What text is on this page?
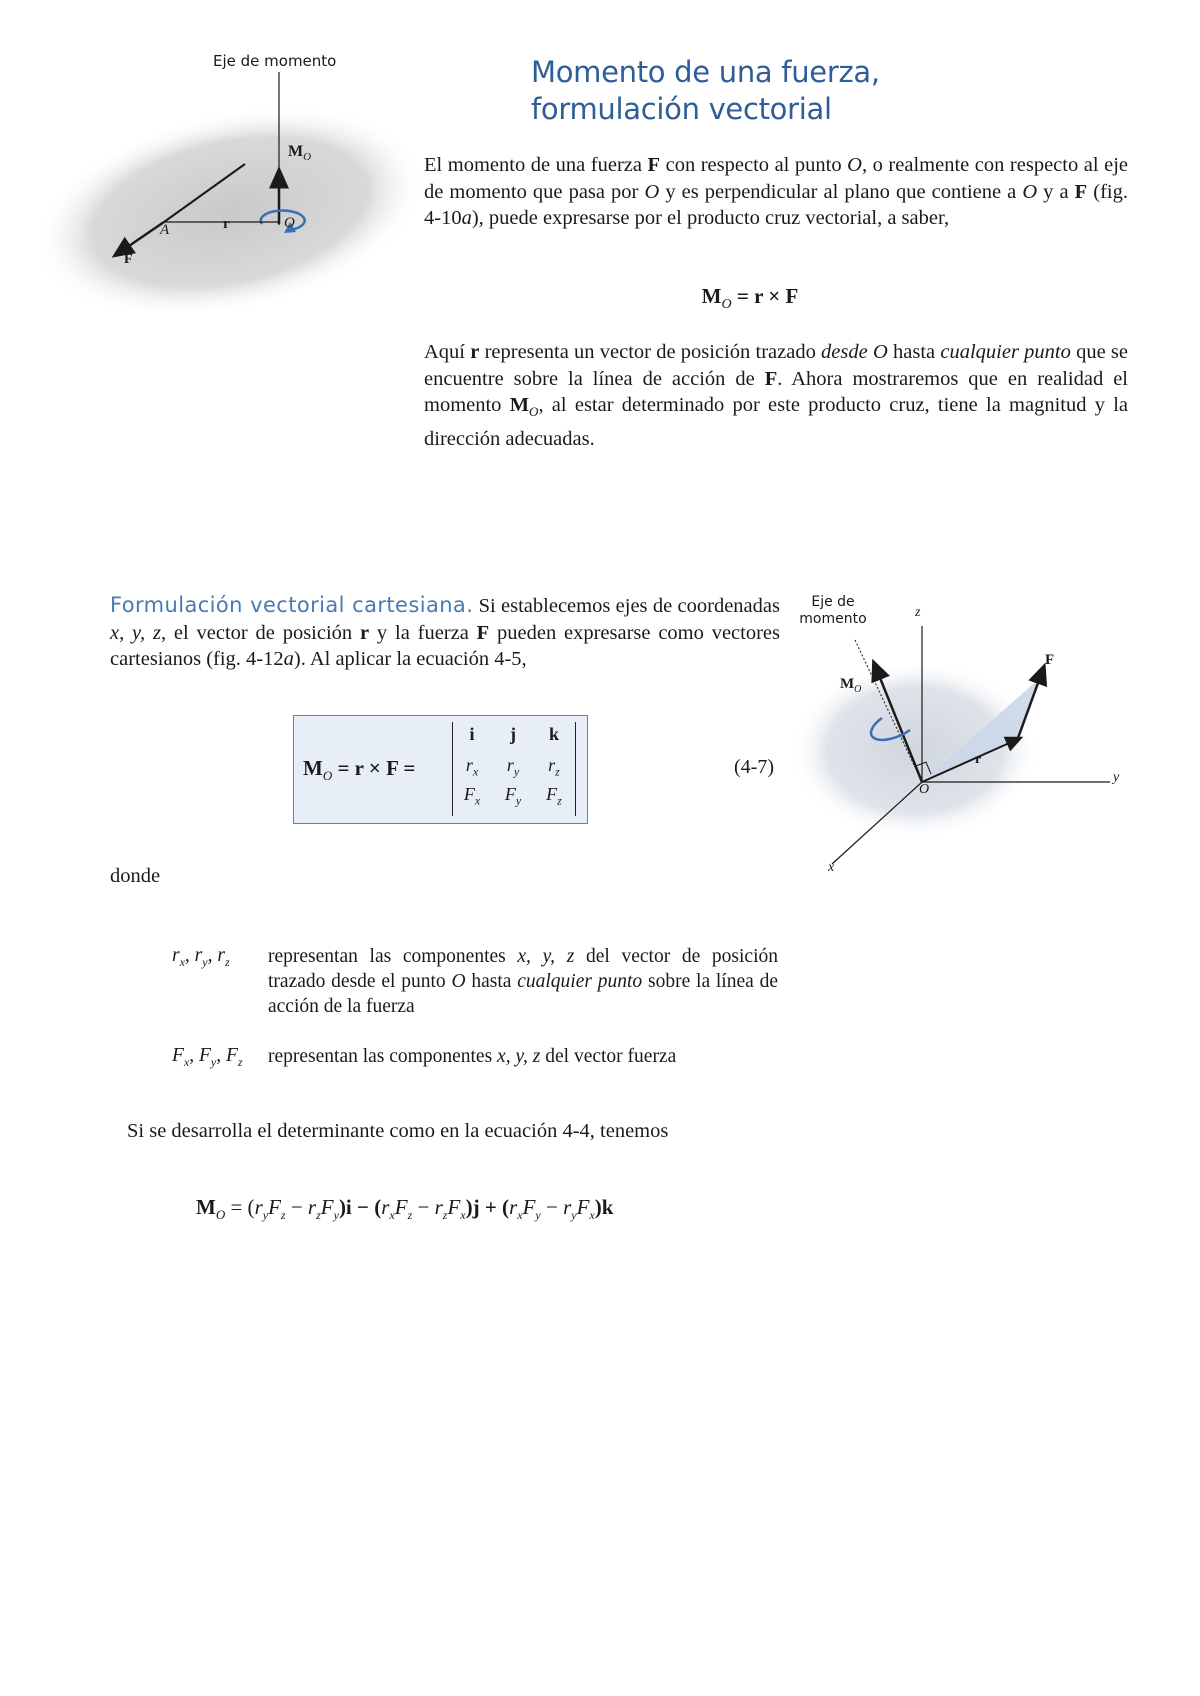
Eje de momento
$M_O$
r	O
A
F
Momento de una fuerza,
formulación vectorial
El momento de una fuerza F con respecto al punto O, o realmente con respecto al eje de momento que pasa por O y es perpendicular al plano que contiene a O y a F (fig. 4-10a), puede expresarse por el producto cruz vectorial, a saber,
$M_O = r \times F$
Aquí r representa un vector de posición trazado desde O hasta cualquier punto que se encuentre sobre la línea de acción de F. Ahora mostraremos que en realidad el momento $M_O$, al estar determinado por este producto cruz, tiene la magnitud y la dirección adecuadas.
Formulación vectorial cartesiana. Si establecemos ejes de coordenadas x, y, z, el vector de posición r y la fuerza F pueden expresarse como vectores cartesianos (fig. 4-12a). Al aplicar la ecuación 4-5,
$M_O = r \times F$ =
i	j	k
$r_x$	$r_y$	$r_z$
$F_x$	$F_y$	$F_z$
(4-7)
Eje de
momento	z
F
$M_O$
r
O
y
x
donde
$r_x$, $r_y$, $r_z$ representan las componentes x, y, z del vector de posición trazado desde el punto O hasta cualquier punto sobre la línea de acción de la fuerza
$F_x$, $F_y$, $F_z$ representan las componentes x, y, z del vector fuerza
Si se desarrolla el determinante como en la ecuación 4-4, tenemos
$M_O = (r_yF_z - r_zF_y)i - (r_xF_z - r_zF_x)j + (r_xF_y - r_yF_x)k$
